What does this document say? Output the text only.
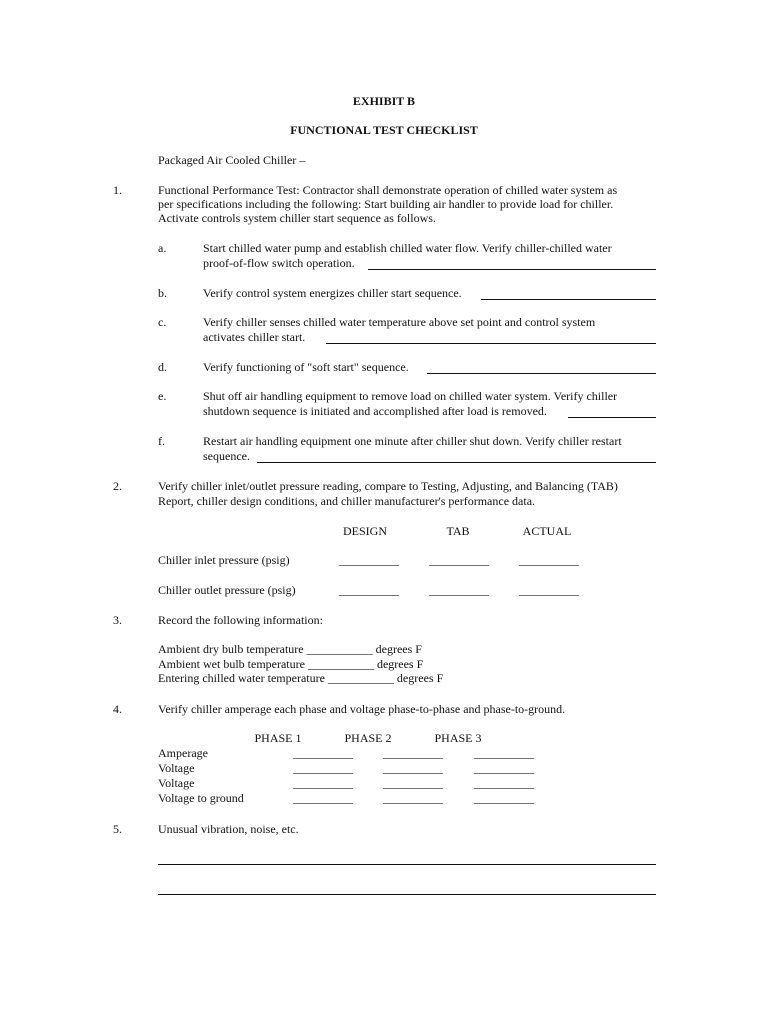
EXHIBIT B
FUNCTIONAL TEST CHECKLIST
Packaged Air Cooled Chiller –
1.	Functional Performance Test: Contractor shall demonstrate operation of chilled water system as
per specifications including the following: Start building air handler to provide load for chiller.
Activate controls system chiller start sequence as follows.
a.	Start chilled water pump and establish chilled water flow. Verify chiller-chilled water
proof-of-flow switch operation.
b.	Verify control system energizes chiller start sequence.
c.	Verify chiller senses chilled water temperature above set point and control system
activates chiller start.
d.	Verify functioning of "soft start" sequence.
e.	Shut off air handling equipment to remove load on chilled water system. Verify chiller
shutdown sequence is initiated and accomplished after load is removed.
f.	Restart air handling equipment one minute after chiller shut down. Verify chiller restart
sequence.
2.	Verify chiller inlet/outlet pressure reading, compare to Testing, Adjusting, and Balancing (TAB)
Report, chiller design conditions, and chiller manufacturer's performance data.
DESIGN	TAB	ACTUAL
Chiller inlet pressure (psig)	__________	__________	__________
Chiller outlet pressure (psig)	__________	__________	__________
3.	Record the following information:
Ambient dry bulb temperature ___________ degrees F
Ambient wet bulb temperature ___________ degrees F
Entering chilled water temperature ___________ degrees F
4.	Verify chiller amperage each phase and voltage phase-to-phase and phase-to-ground.
PHASE 1	PHASE 2	PHASE 3
Amperage	__________	__________	__________
Voltage	__________	__________	__________
Voltage	__________	__________	__________
Voltage to ground	__________	__________	__________
5.	Unusual vibration, noise, etc.
